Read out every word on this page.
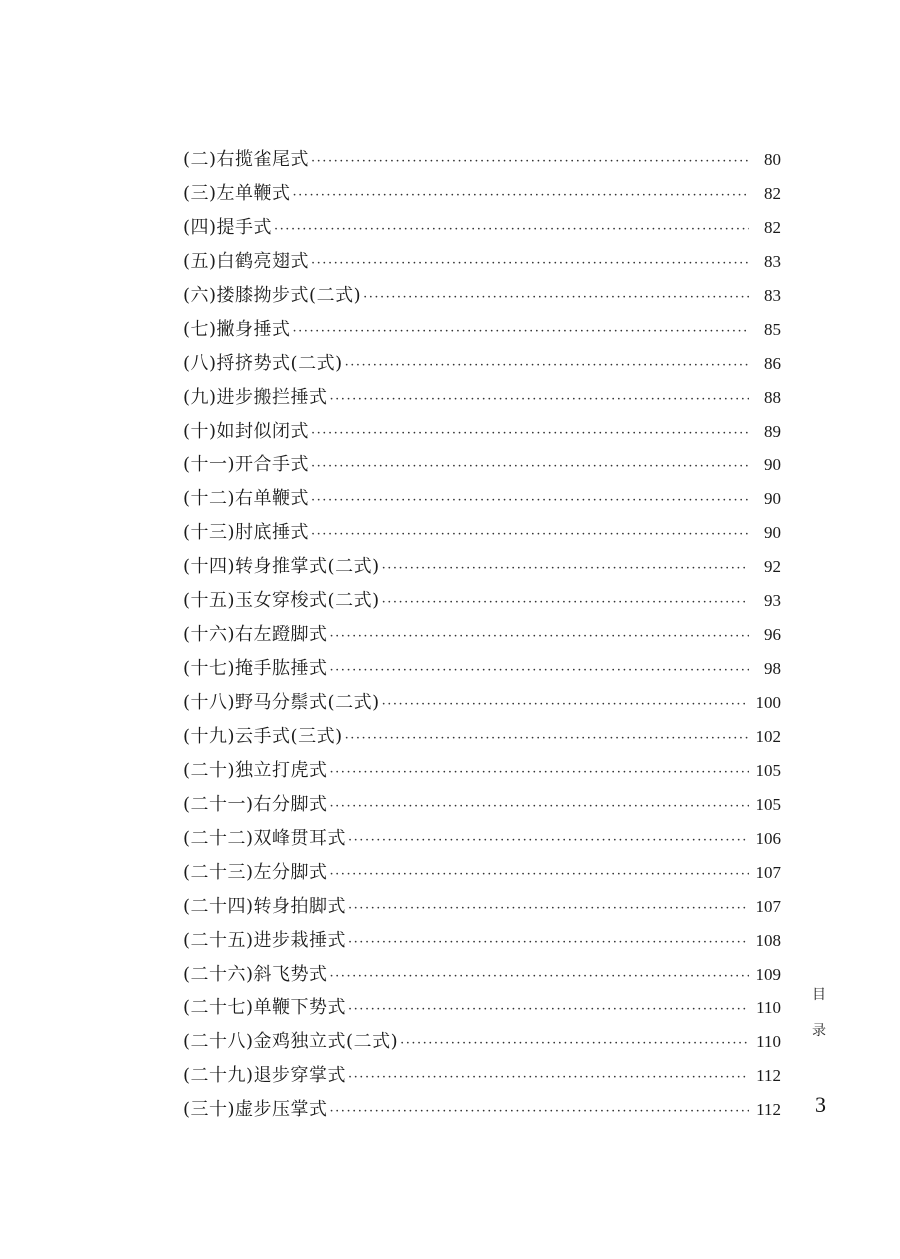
(二)右揽雀尾式 ·····	80
(三)左单鞭式 ·····	82
(四)提手式 ·····	82
(五)白鹤亮翅式 ·····	83
(六)搂膝拗步式(二式) ·····	83
(七)撇身捶式 ·····	85
(八)捋挤势式(二式) ·····	86
(九)进步搬拦捶式 ·····	88
(十)如封似闭式 ·····	89
(十一)开合手式 ·····	90
(十二)右单鞭式 ·····	90
(十三)肘底捶式 ·····	90
(十四)转身推掌式(二式) ·····	92
(十五)玉女穿梭式(二式) ·····	93
(十六)右左蹬脚式 ·····	96
(十七)掩手肱捶式 ·····	98
(十八)野马分鬃式(二式) ·····	100
(十九)云手式(三式) ·····	102
(二十)独立打虎式 ·····	105
(二十一)右分脚式 ·····	105
(二十二)双峰贯耳式 ·····	106
(二十三)左分脚式 ·····	107
(二十四)转身拍脚式 ·····	107
(二十五)进步栽捶式 ·····	108
(二十六)斜飞势式 ·····	109
(二十七)单鞭下势式 ·····	110
(二十八)金鸡独立式(二式) ·····	110
(二十九)退步穿掌式 ·····	112
(三十)虚步压掌式 ·····	112
目
录
3
